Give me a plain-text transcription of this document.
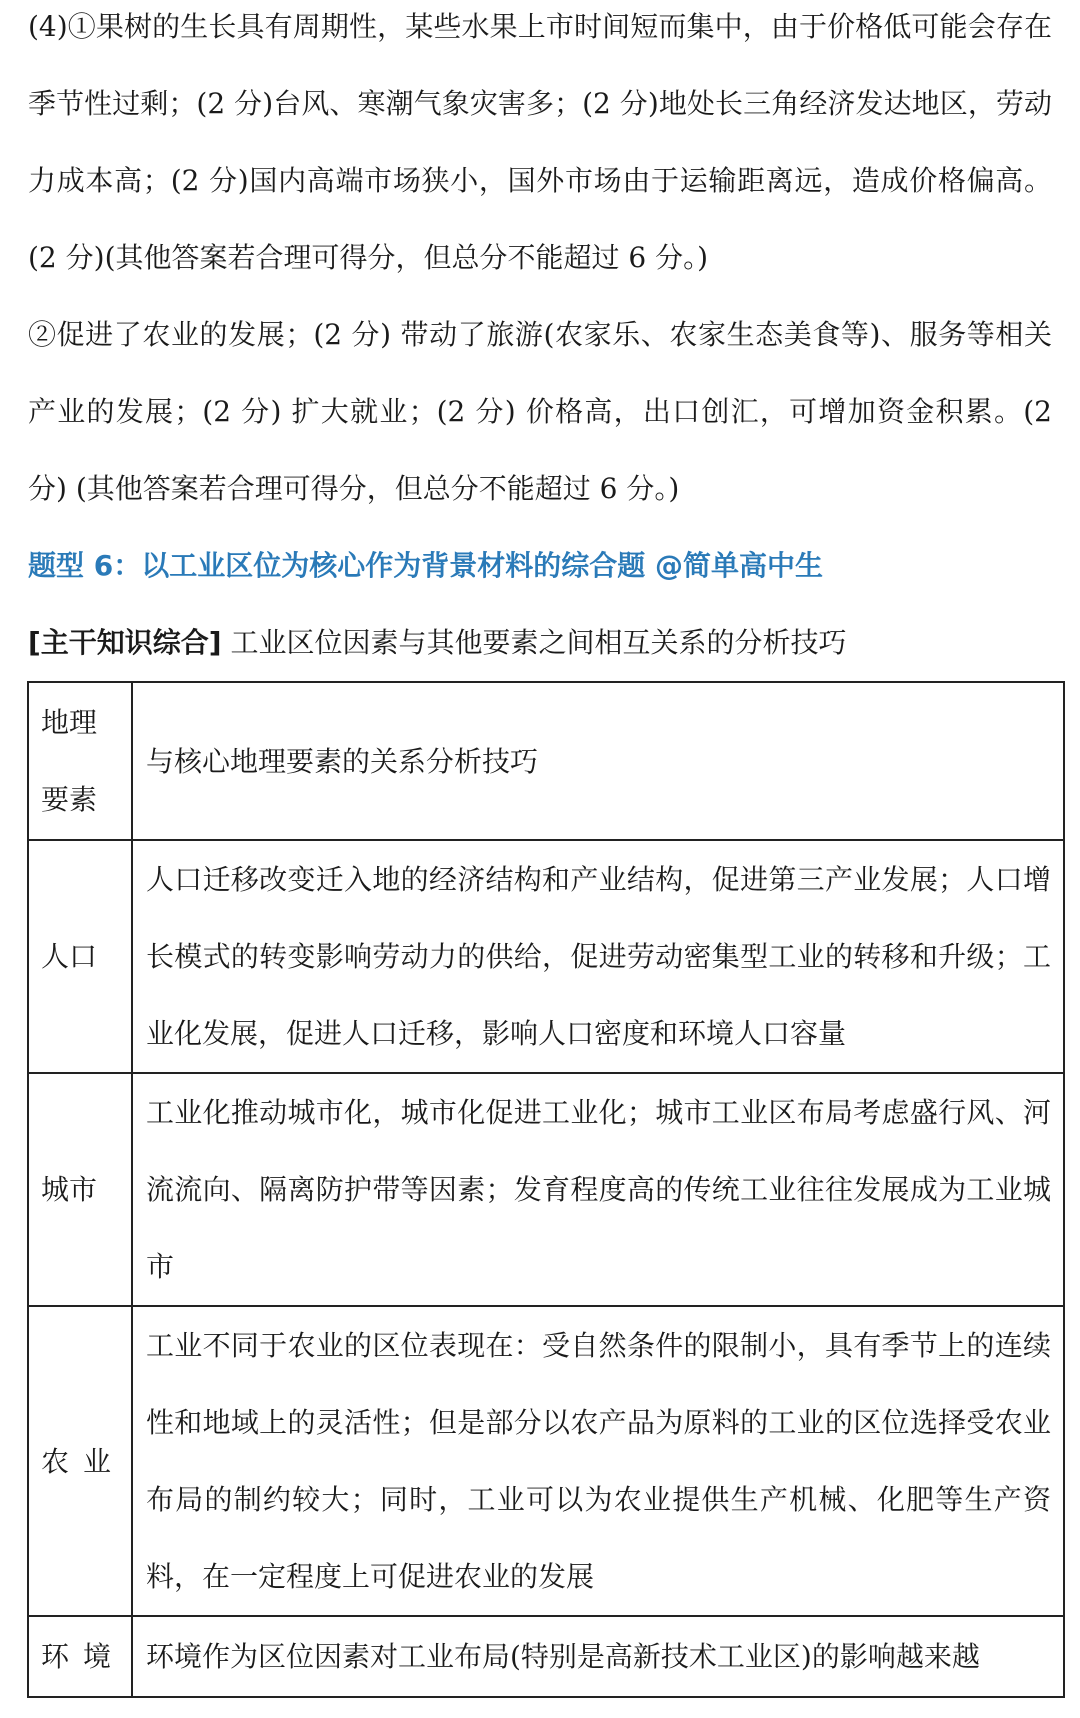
(4)①果树的生长具有周期性，某些水果上市时间短而集中，由于价格低可能会存在季节性过剩；(2 分)台风、寒潮气象灾害多；(2 分)地处长三角经济发达地区，劳动力成本高；(2 分)国内高端市场狭小，国外市场由于运输距离远，造成价格偏高。(2 分)(其他答案若合理可得分，但总分不能超过 6 分。)

②促进了农业的发展；(2 分) 带动了旅游(农家乐、农家生态美食等)、服务等相关产业的发展；(2 分) 扩大就业；(2 分) 价格高，出口创汇，可增加资金积累。(2 分) (其他答案若合理可得分，但总分不能超过 6 分。)

题型 6：以工业区位为核心作为背景材料的综合题 @简单高中生

[主干知识综合] 工业区位因素与其他要素之间相互关系的分析技巧

地理
要素	与核心地理要素的关系分析技巧
人口	人口迁移改变迁入地的经济结构和产业结构，促进第三产业发展；人口增长模式的转变影响劳动力的供给，促进劳动密集型工业的转移和升级；工业化发展，促进人口迁移，影响人口密度和环境人口容量
城市	工业化推动城市化，城市化促进工业化；城市工业区布局考虑盛行风、河流流向、隔离防护带等因素；发育程度高的传统工业往往发展成为工业城市
农业	工业不同于农业的区位表现在：受自然条件的限制小，具有季节上的连续性和地域上的灵活性；但是部分以农产品为原料的工业的区位选择受农业布局的制约较大；同时，工业可以为农业提供生产机械、化肥等生产资料，在一定程度上可促进农业的发展
环境	环境作为区位因素对工业布局(特别是高新技术工业区)的影响越来越
